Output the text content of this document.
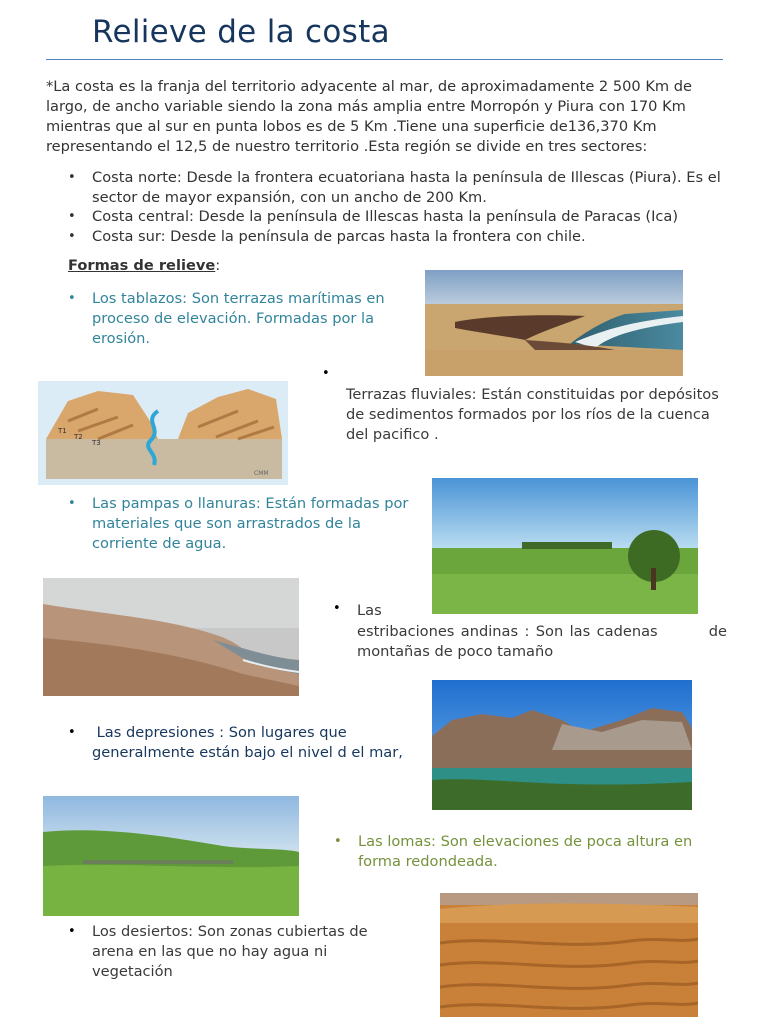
Relieve de la costa
*La costa es la franja del territorio adyacente al mar, de aproximadamente 2 500 Km de largo, de ancho variable siendo la zona más amplia entre Morropón y Piura con 170 Km mientras que al sur en punta lobos es de 5 Km .Tiene una superficie de136,370 Km representando el 12,5 de nuestro territorio .Esta región se divide en tres sectores:
• Costa norte: Desde la frontera ecuatoriana hasta la península de Illescas (Piura). Es el sector de mayor expansión, con un ancho de 200 Km.
• Costa central: Desde la península de Illescas hasta la península de Paracas (Ica)
• Costa sur: Desde la península de parcas hasta la frontera con chile.
Formas de relieve:
• Los tablazos: Son terrazas marítimas en proceso de elevación. Formadas por la erosión.
T1
T2
T3
CMM
•
Terrazas fluviales: Están constituidas por depósitos de sedimentos formados por los ríos de la cuenca del pacifico .
• Las pampas o llanuras: Están formadas por materiales que son arrastrados de la corriente de agua.
• Las
estribaciones andinas : Son las cadenas        de montañas de poco tamaño
• Las depresiones : Son lugares que generalmente están bajo el nivel d el mar,
• Las lomas: Son elevaciones de poca altura en forma redondeada.
• Los desiertos: Son zonas cubiertas de arena en las que no hay agua ni vegetación
